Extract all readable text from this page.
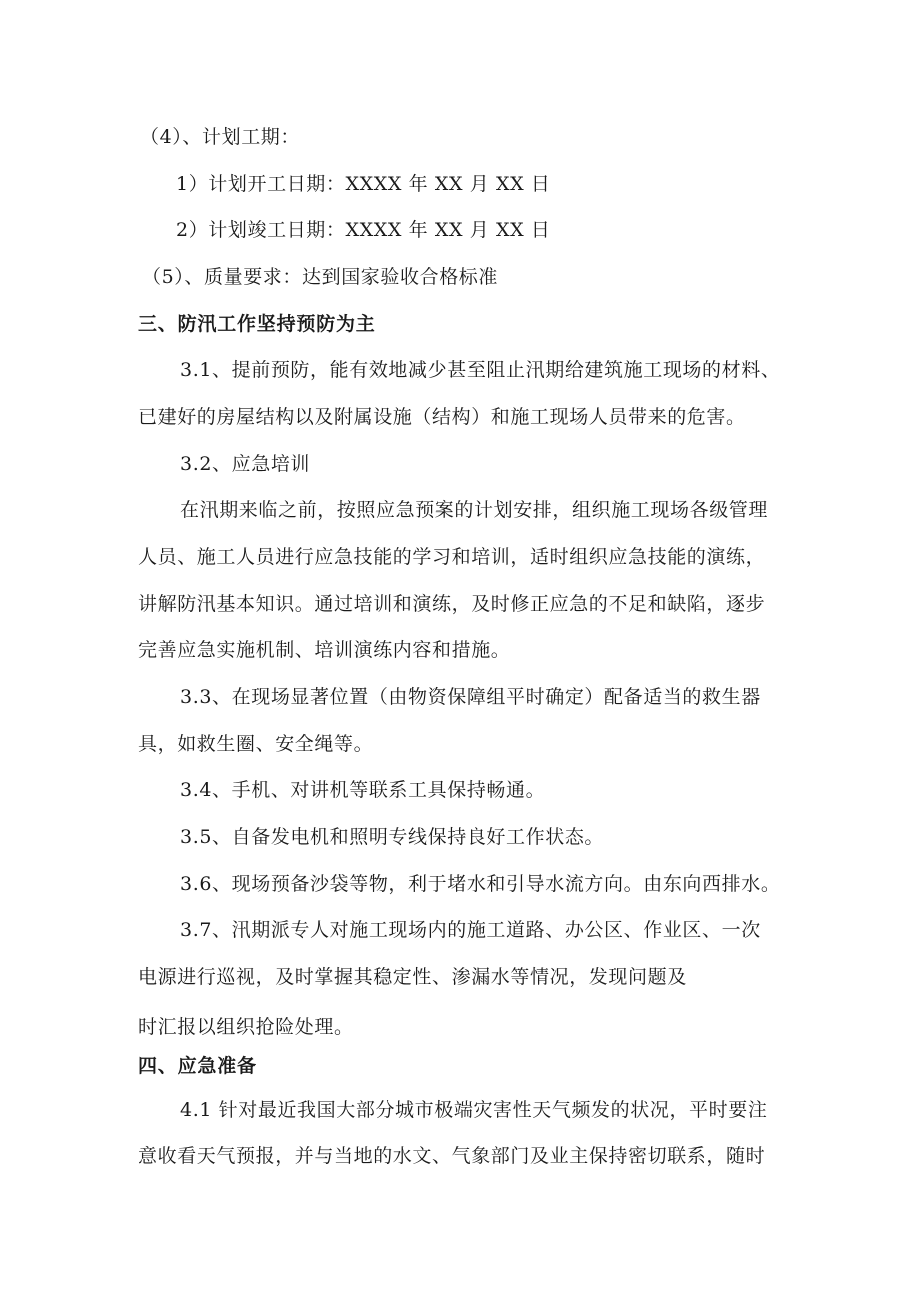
（4）、计划工期：
1）计划开工日期：XXXX 年 XX 月 XX 日
2）计划竣工日期：XXXX 年 XX 月 XX 日
（5）、质量要求：达到国家验收合格标准
三、防汛工作坚持预防为主
3.1、提前预防，能有效地减少甚至阻止汛期给建筑施工现场的材料、
已建好的房屋结构以及附属设施（结构）和施工现场人员带来的危害。
3.2、应急培训
在汛期来临之前，按照应急预案的计划安排，组织施工现场各级管理
人员、施工人员进行应急技能的学习和培训，适时组织应急技能的演练，
讲解防汛基本知识。通过培训和演练，及时修正应急的不足和缺陷，逐步
完善应急实施机制、培训演练内容和措施。
3.3、在现场显著位置（由物资保障组平时确定）配备适当的救生器
具，如救生圈、安全绳等。
3.4、手机、对讲机等联系工具保持畅通。
3.5、自备发电机和照明专线保持良好工作状态。
3.6、现场预备沙袋等物，利于堵水和引导水流方向。由东向西排水。
3.7、汛期派专人对施工现场内的施工道路、办公区、作业区、一次
电源进行巡视，及时掌握其稳定性、渗漏水等情况，发现问题及
时汇报以组织抢险处理。
四、应急准备
4.1 针对最近我国大部分城市极端灾害性天气频发的状况，平时要注
意收看天气预报，并与当地的水文、气象部门及业主保持密切联系，随时
